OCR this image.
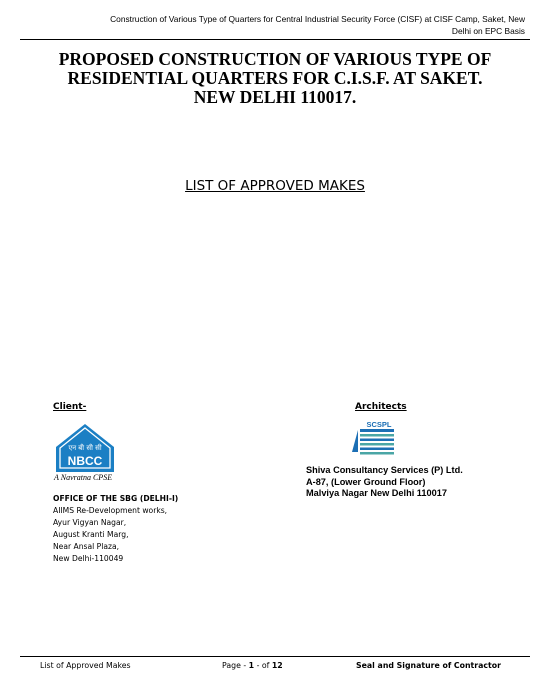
Construction of Various Type of Quarters for Central Industrial Security Force (CISF) at CISF Camp, Saket, New
Delhi on EPC Basis
PROPOSED CONSTRUCTION OF VARIOUS TYPE OF
RESIDENTIAL QUARTERS FOR C.I.S.F. AT SAKET.
NEW DELHI 110017.
LIST OF APPROVED MAKES
Client-	Architects
एन बी सी सी
NBCC
A Navratna CPSE
OFFICE OF THE SBG (DELHI-I)
AIIMS Re-Development works,
Ayur Vigyan Nagar,
August Kranti Marg,
Near Ansal Plaza,
New Delhi-110049
SCSPL
Shiva Consultancy Services (P) Ltd.
A-87, (Lower Ground Floor)
Malviya Nagar New Delhi 110017
List of Approved Makes	Page - 1 - of 12	Seal and Signature of Contractor
